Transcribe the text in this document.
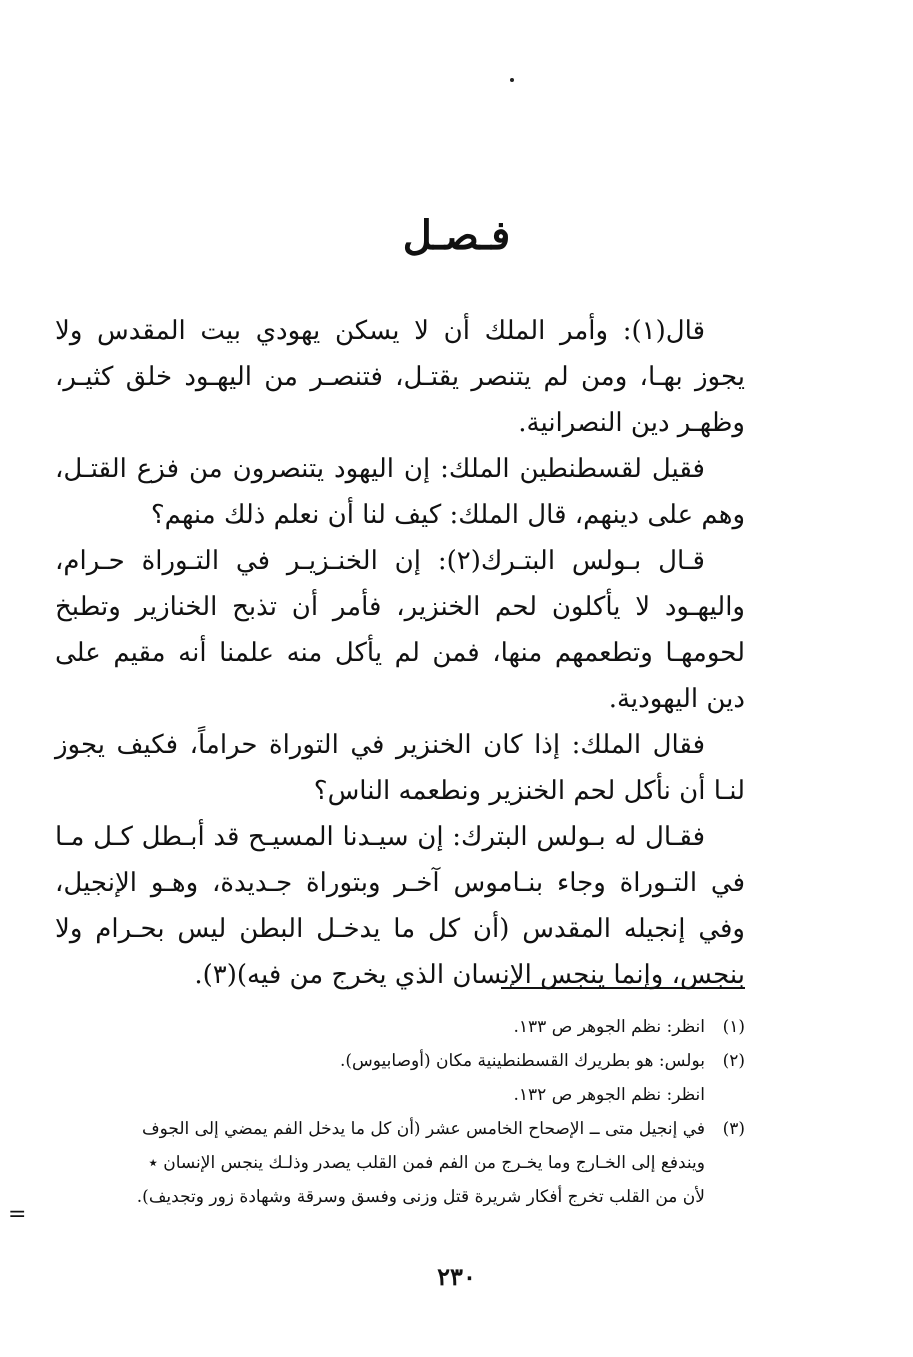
فـصـل

قال(١): وأمر الملك أن لا يسكن يهودي بيت المقدس ولا يجوز بهـا، ومن لم يتنصر يقتـل، فتنصـر من اليهـود خلق كثيـر، وظهـر دين النصرانية.

فقيل لقسطنطين الملك: إن اليهود يتنصرون من فزع القتـل، وهم على دينهم، قال الملك: كيف لنا أن نعلم ذلك منهم؟

قـال بـولس البتـرك(٢): إن الخنـزيـر في التـوراة حـرام، واليهـود لا يأكلون لحم الخنزير، فأمر أن تذبح الخنازير وتطبخ لحومهـا وتطعمهم منها، فمن لم يأكل منه علمنا أنه مقيم على دين اليهودية.

فقال الملك: إذا كان الخنزير في التوراة حراماً، فكيف يجوز لنـا أن نأكل لحم الخنزير ونطعمه الناس؟

فقـال له بـولس البترك: إن سيـدنا المسيـح قد أبـطل كـل مـا في التـوراة وجاء بنـاموس آخـر وبتوراة جـديدة، وهـو الإنجيل، وفي إنجيله المقدس (أن كل ما يدخـل البطن ليس بحـرام ولا بنجس، وإنما ينجس الإنسان الذي يخرج من فيه)(٣).

(١)
انظر: نظم الجوهر ص ١٣٣.
(٢)
بولس: هو بطريرك القسطنطينية مكان (أوصابيوس).
انظر: نظم الجوهر ص ١٣٢.
(٣)
في إنجيل متى ــ الإصحاح الخامس عشر (أن كل ما يدخل الفم يمضي إلى الجوف
ويندفع إلى الخـارج وما يخـرج من الفم فمن القلب يصدر وذلـك ينجس الإنسان ٭
لأن من القلب تخرج أفكار شريرة قتل وزنى وفسق وسرقة وشهادة زور وتجديف).
=
٢٣٠
